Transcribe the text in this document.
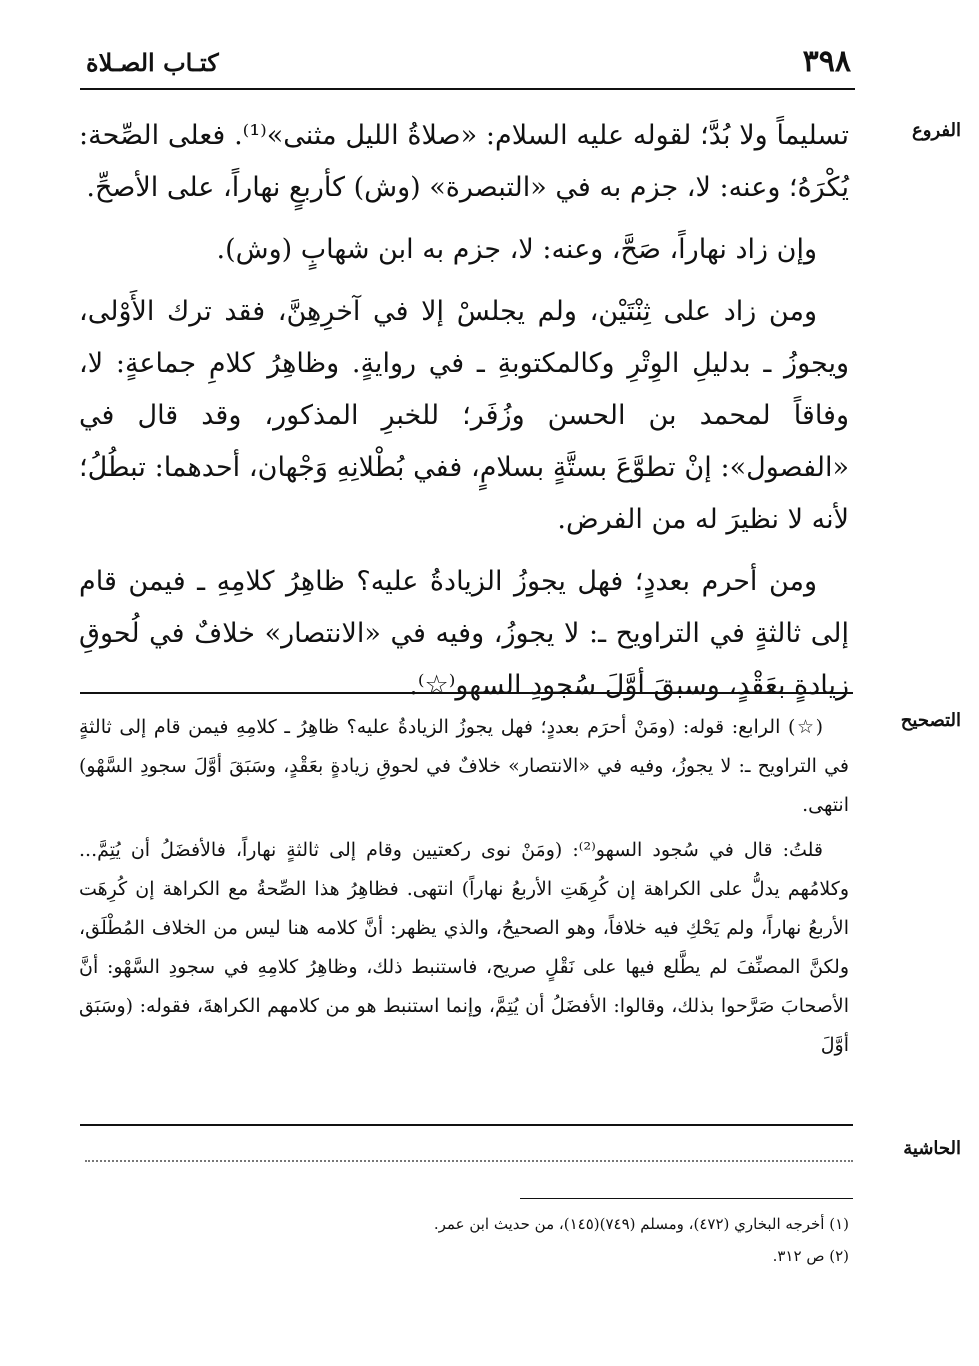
٣٩٨
كتـاب الصـلاة
الفروع

تسليماً ولا بُدَّ؛ لقوله عليه السلام: «صلاةُ الليل مثنى»⁽¹⁾. فعلى الصِّحة: يُكْرَهُ؛ وعنه: لا، جزم به في «التبصرة» (وش) كأربعٍ نهاراً، على الأصحِّ.

وإن زاد نهاراً، صَحَّ، وعنه: لا، جزم به ابن شهابٍ (وش).

ومن زاد على ثِنْتَيْن، ولم يجلسْ إلا في آخرِهِنَّ، فقد ترك الأَوْلى، ويجوزُ ـ بدليلِ الوِتْرِ وكالمكتوبةِ ـ في روايةٍ. وظاهِرُ كلامِ جماعةٍ: لا، وفاقاً لمحمد بن الحسن وزُفَر؛ للخبرِ المذكور، وقد قال في «الفصول»: إنْ تطوَّعَ بستَّةٍ بسلامٍ، ففي بُطْلانِهِ وَجْهان، أحدهما: تبطُلُ؛ لأنه لا نظيرَ له من الفرض.

ومن أحرم بعددٍ؛ فهل يجوزُ الزيادةُ عليه؟ ظاهِرُ كلامِهِ ـ فيمن قام إلى ثالثةٍ في التراويح ـ: لا يجوزُ، وفيه في «الانتصار» خلافٌ في لُحوقِ زيادةٍ بعَقْدٍ، وسبقَ أوَّلَ سُجودِ السهو⁽☆⁾.

التصحيح

(☆) الرابع: قوله: (ومَنْ أحرَم بعددٍ؛ فهل يجوزُ الزيادةُ عليه؟ ظاهِرُ ـ كلامِهِ فيمن قام إلى ثالثةٍ في التراويح ـ: لا يجوزُ، وفيه في «الانتصار» خلافٌ في لحوقِ زيادةٍ بعَقْدٍ، وسَبَقَ أوَّلَ سجودِ السَّهْو) انتهى.

قلتُ: قال في سُجود السهو⁽²⁾: (ومَنْ نوى ركعتيين وقام إلى ثالثةٍ نهاراً، فالأفضَلُ أن يُتِمَّ... وكلامُهم يدلُّ على الكراهة إن كُرِهَتِ الأربعُ نهاراً) انتهى. فظاهِرُ هذا الصِّحةُ مع الكراهة إن كُرِهَت الأربعُ نهاراً، ولم يَحْكِ فيه خلافاً، وهو الصحيحُ، والذي يظهر: أنَّ كلامه هنا ليس من الخلاف المُطْلَق، ولكنَّ المصنِّفَ لم يطَّلع فيها على نَقْلٍ صريح، فاستنبط ذلك، وظاهِرُ كلامِهِ في سجودِ السَّهْو: أنَّ الأصحابَ صَرَّحوا بذلك، وقالوا: الأفضَلُ أن يُتِمَّ، وإنما استنبط هو من كلامهم الكراهةَ، فقوله: (وسَبَق أوَّلَ

الحاشية

(١) أخرجه البخاري (٤٧٢)، ومسلم (٧٤٩)(١٤٥)، من حديث ابن عمر.

(٢) ص ٣١٢.
